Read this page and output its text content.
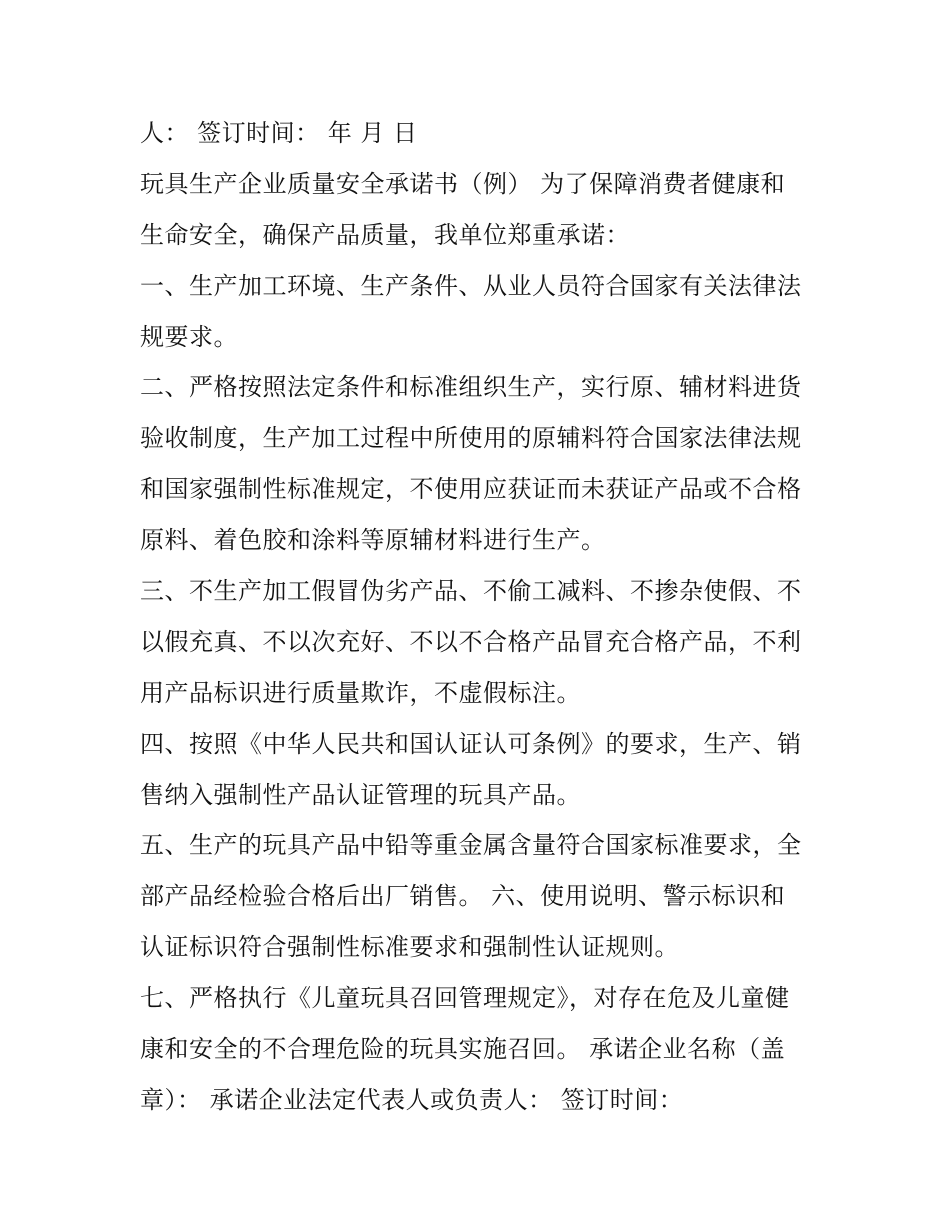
人： 签订时间： 年 月 日
玩具生产企业质量安全承诺书（例） 为了保障消费者健康和
生命安全，确保产品质量，我单位郑重承诺：
一、生产加工环境、生产条件、从业人员符合国家有关法律法
规要求。
二、严格按照法定条件和标准组织生产，实行原、辅材料进货
验收制度，生产加工过程中所使用的原辅料符合国家法律法规
和国家强制性标准规定，不使用应获证而未获证产品或不合格
原料、着色胶和涂料等原辅材料进行生产。
三、不生产加工假冒伪劣产品、不偷工减料、不掺杂使假、不
以假充真、不以次充好、不以不合格产品冒充合格产品，不利
用产品标识进行质量欺诈，不虚假标注。
四、按照《中华人民共和国认证认可条例》的要求，生产、销
售纳入强制性产品认证管理的玩具产品。
五、生产的玩具产品中铅等重金属含量符合国家标准要求，全
部产品经检验合格后出厂销售。 六、使用说明、警示标识和
认证标识符合强制性标准要求和强制性认证规则。
七、严格执行《儿童玩具召回管理规定》，对存在危及儿童健
康和安全的不合理危险的玩具实施召回。 承诺企业名称（盖
章）： 承诺企业法定代表人或负责人： 签订时间：
